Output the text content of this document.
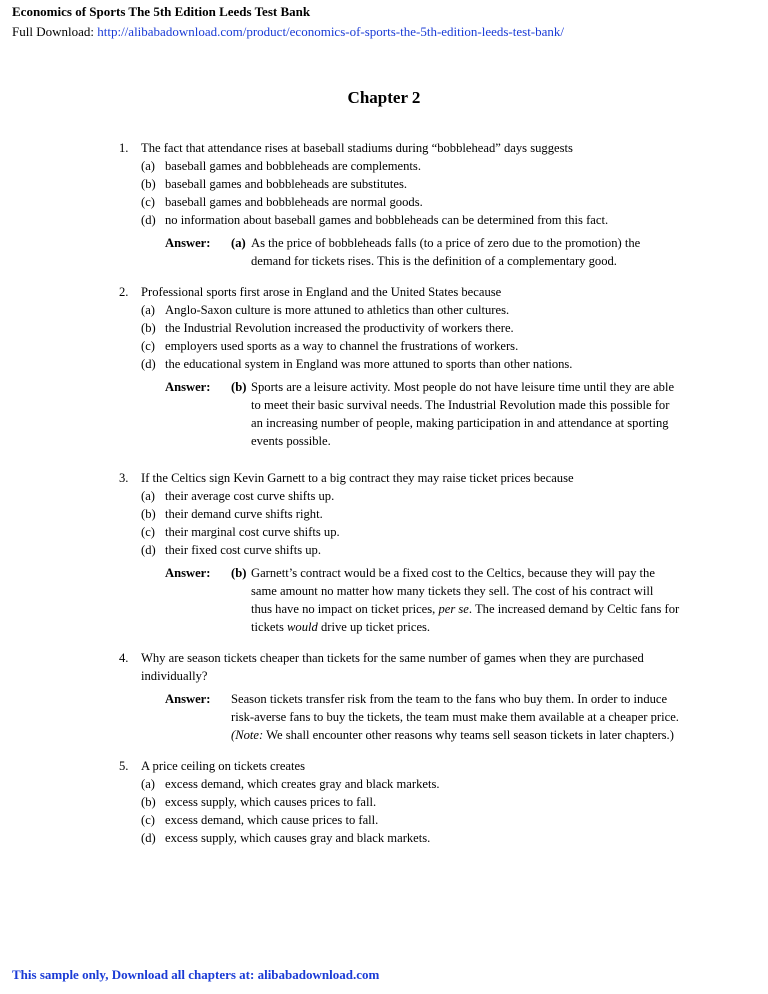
Economics of Sports The 5th Edition Leeds Test Bank
Full Download: http://alibabadownload.com/product/economics-of-sports-the-5th-edition-leeds-test-bank/
Chapter 2
1. The fact that attendance rises at baseball stadiums during “bobblehead” days suggests
(a) baseball games and bobbleheads are complements.
(b) baseball games and bobbleheads are substitutes.
(c) baseball games and bobbleheads are normal goods.
(d) no information about baseball games and bobbleheads can be determined from this fact.
Answer: (a) As the price of bobbleheads falls (to a price of zero due to the promotion) the
demand for tickets rises. This is the definition of a complementary good.
2. Professional sports first arose in England and the United States because
(a) Anglo-Saxon culture is more attuned to athletics than other cultures.
(b) the Industrial Revolution increased the productivity of workers there.
(c) employers used sports as a way to channel the frustrations of workers.
(d) the educational system in England was more attuned to sports than other nations.
Answer: (b) Sports are a leisure activity. Most people do not have leisure time until they are able
to meet their basic survival needs. The Industrial Revolution made this possible for
an increasing number of people, making participation in and attendance at sporting
events possible.
3. If the Celtics sign Kevin Garnett to a big contract they may raise ticket prices because
(a) their average cost curve shifts up.
(b) their demand curve shifts right.
(c) their marginal cost curve shifts up.
(d) their fixed cost curve shifts up.
Answer: (b) Garnett’s contract would be a fixed cost to the Celtics, because they will pay the
same amount no matter how many tickets they sell. The cost of his contract will
thus have no impact on ticket prices, per se. The increased demand by Celtic fans for
tickets would drive up ticket prices.
4. Why are season tickets cheaper than tickets for the same number of games when they are purchased
individually?
Answer: Season tickets transfer risk from the team to the fans who buy them. In order to induce
risk-averse fans to buy the tickets, the team must make them available at a cheaper price.
(Note: We shall encounter other reasons why teams sell season tickets in later chapters.)
5. A price ceiling on tickets creates
(a) excess demand, which creates gray and black markets.
(b) excess supply, which causes prices to fall.
(c) excess demand, which cause prices to fall.
(d) excess supply, which causes gray and black markets.
This sample only, Download all chapters at: alibabadownload.com
